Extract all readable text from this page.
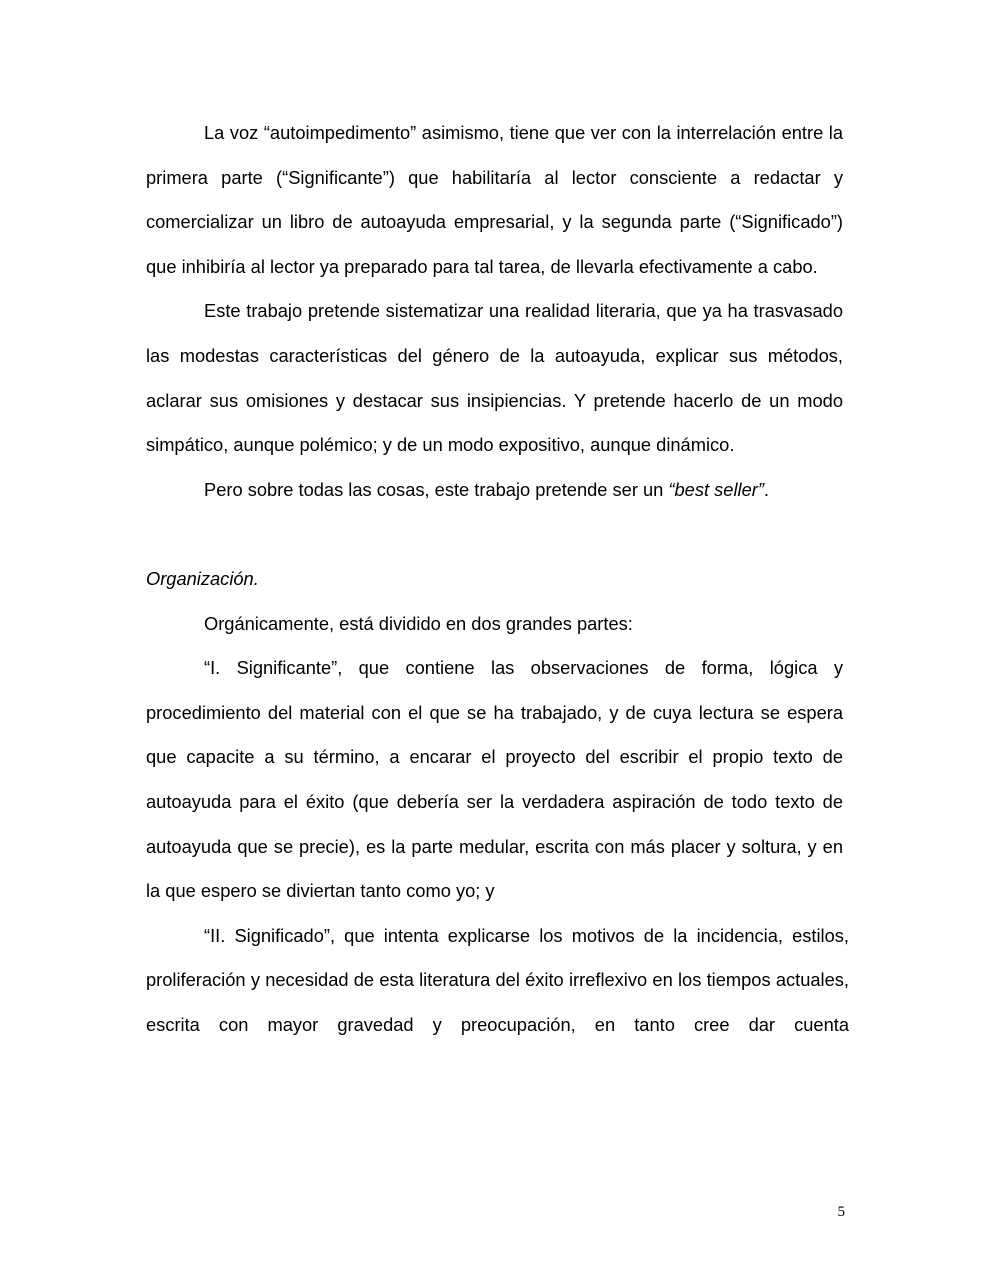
La voz “autoimpedimento” asimismo, tiene que ver con la interrelación entre la primera parte (“Significante”) que habilitaría al lector consciente a redactar y comercializar un libro de autoayuda empresarial, y la segunda parte (“Significado”) que inhibiría al lector ya preparado para tal tarea, de llevarla efectivamente a cabo.

Este trabajo pretende sistematizar una realidad literaria, que ya ha trasvasado las modestas características del género de la autoayuda, explicar sus métodos, aclarar sus omisiones y destacar sus insipiencias. Y pretende hacerlo de un modo simpático, aunque polémico; y de un modo expositivo, aunque dinámico.

Pero sobre todas las cosas, este trabajo pretende ser un “best seller”.

Organización.

Orgánicamente, está dividido en dos grandes partes:

“I. Significante”, que contiene las observaciones de forma, lógica y procedimiento del material con el que se ha trabajado, y de cuya lectura se espera que capacite a su término, a encarar el proyecto del escribir el propio texto de autoayuda para el éxito (que debería ser la verdadera aspiración de todo texto de autoayuda que se precie), es la parte medular, escrita con más placer y soltura, y en la que espero se diviertan tanto como yo; y

“II. Significado”, que intenta explicarse los motivos de la incidencia, estilos, proliferación y necesidad de esta literatura del éxito irreflexivo en los tiempos actuales, escrita con mayor gravedad y preocupación, en tanto cree dar cuenta

5
